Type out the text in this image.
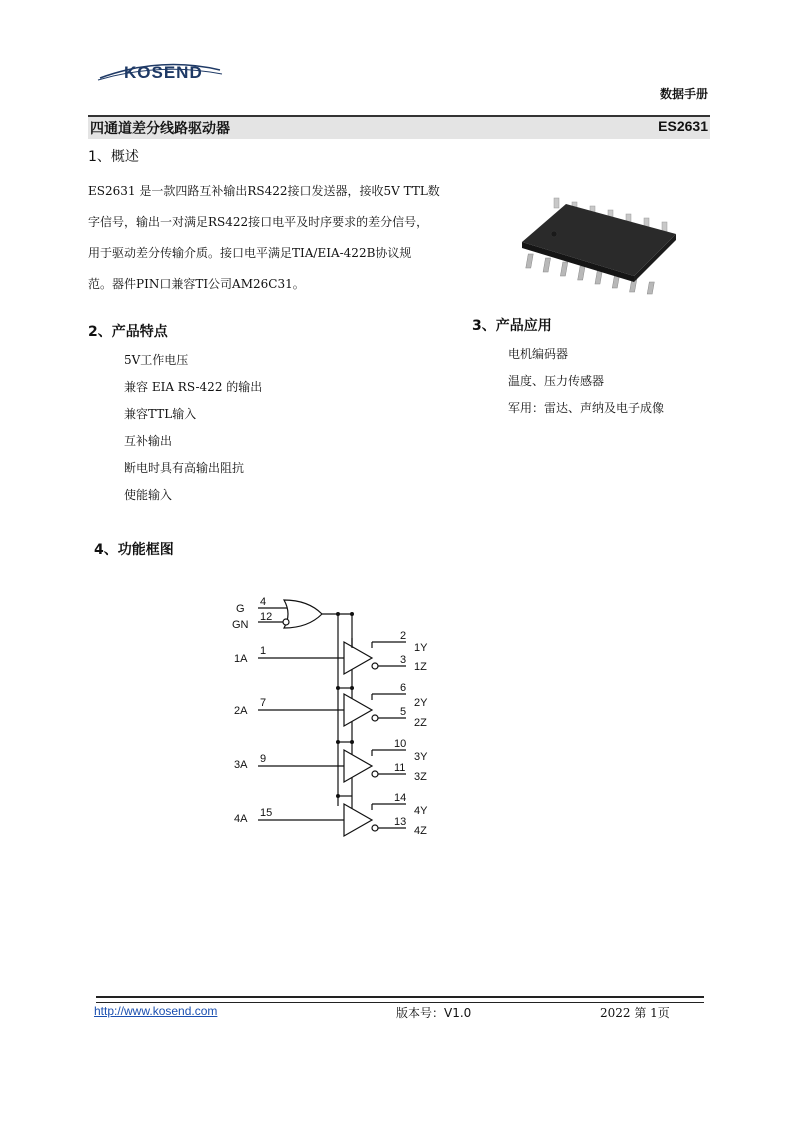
KOSEND
数据手册
四通道差分线路驱动器	ES2631
1、概述
ES2631 是一款四路互补输出RS422接口发送器，接收5V TTL数
字信号，输出一对满足RS422接口电平及时序要求的差分信号，
用于驱动差分传输介质。接口电平满足TIA/EIA-422B协议规
范。器件PIN口兼容TI公司AM26C31。
2、产品特点
5V工作电压
兼容 EIA RS-422 的输出
兼容TTL输入
互补输出
断电时具有高输出阻抗
使能输入
3、产品应用
电机编码器
温度、压力传感器
军用：雷达、声纳及电子成像
4、功能框图
G
GN
4
12
1A
1
2
1Y
3
1Z
2A
7
6
2Y
5
2Z
3A 9
10
3Y
11
3Z
4A 15
14
4Y
13
4Z
http://www.kosend.com	版本号：V1.0	2022 第 1页
